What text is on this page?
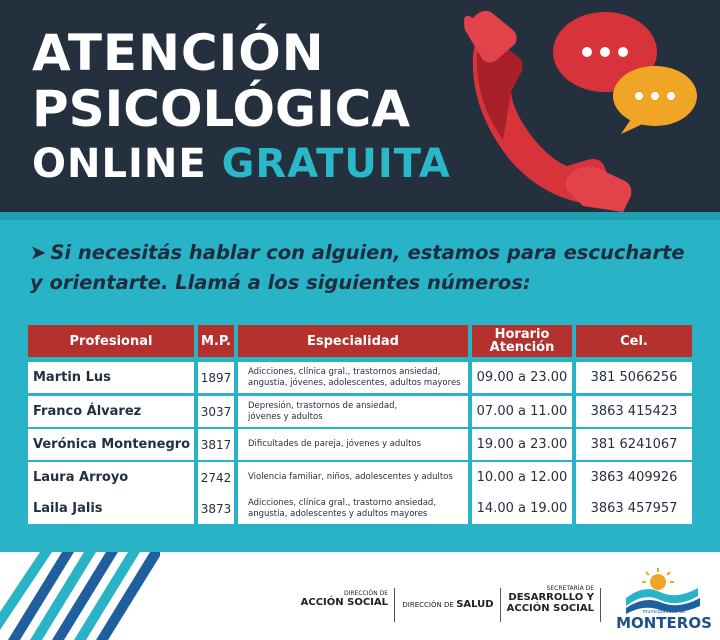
ATENCIÓN
PSICOLÓGICA
ONLINE GRATUITA
➤ Si necesitás hablar con alguien, estamos para escucharte y orientarte. Llamá a los siguientes números:
Profesional	M.P.	Especialidad	Horario
Atención	Cel.
Martin Lus	1897	Adicciones, clínica gral., trastornos ansiedad,
angustia, jóvenes, adolescentes, adultos mayores	09.00 a 23.00	381 5066256
Franco Álvarez	3037	Depresión, trastornos de ansiedad,
jóvenes y adultos	07.00 a 11.00	3863 415423
Verónica Montenegro 3817	Dificultades de pareja, jóvenes y adultos	19.00 a 23.00	381 6241067
Laura Arroyo	2742	Violencia familiar, niños, adolescentes y adultos	10.00 a 12.00	3863 409926
Laila Jalis	3873	Adicciones, clínica gral., trastorno ansiedad,
angustia, adolescentes y adultos mayores	14.00 a 19.00	3863 457957
DIRECCIÓN DE
ACCIÓN SOCIAL	DIRECCIÓN DE SALUD
SECRETARÍA DE
DESARROLLO Y
ACCIÓN SOCIAL	municipalidad de
MONTEROS
